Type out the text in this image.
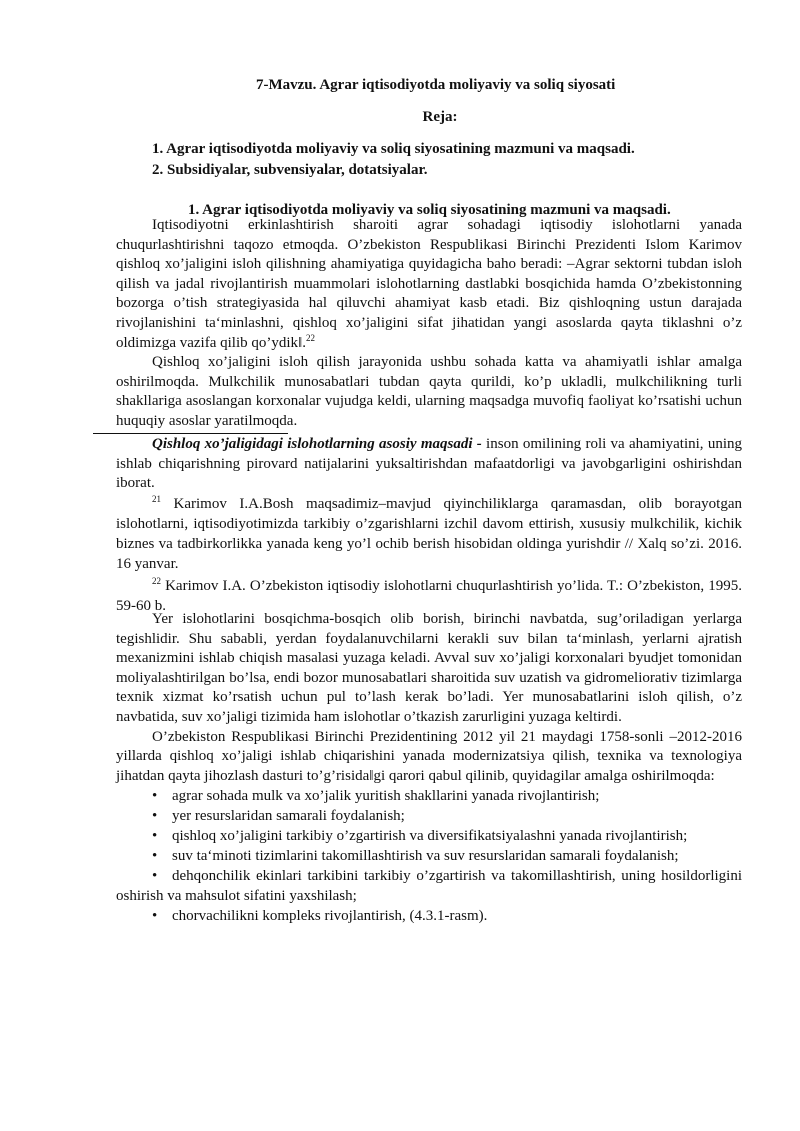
7-Mavzu. Agrar iqtisodiyotda moliyaviy va soliq siyosati
Reja:
1. Agrar iqtisodiyotda moliyaviy va soliq siyosatining mazmuni va maqsadi.
2. Subsidiyalar, subvensiyalar, dotatsiyalar.
1. Agrar iqtisodiyotda moliyaviy va soliq siyosatining mazmuni va maqsadi.

Iqtisodiyotni erkinlashtirish sharoiti agrar sohadagi iqtisodiy islohotlarni yanada chuqurlashtirishni taqozo etmoqda. O’zbekiston Respublikasi Birinchi Prezidenti Islom Karimov qishloq xo’jaligini isloh qilishning ahamiyatiga quyidagicha baho beradi: –Agrar sektorni tubdan isloh qilish va jadal rivojlantirish muammolari islohotlarning dastlabki bosqichida hamda O’zbekistonning bozorga o’tish strategiyasida hal qiluvchi ahamiyat kasb etadi. Biz qishloqning ustun darajada rivojlanishini ta‘minlashni, qishloq xo’jaligini sifat jihatidan yangi asoslarda qayta tiklashni o’z oldimizga vazifa qilib qo’ydik‖.$^{22}$

Qishloq xo’jaligini isloh qilish jarayonida ushbu sohada katta va ahamiyatli ishlar amalga oshirilmoqda. Mulkchilik munosabatlari tubdan qayta qurildi, ko’p ukladli, mulkchilikning turli shakllariga asoslangan korxonalar vujudga keldi, ularning maqsadga muvofiq faoliyat ko’rsatishi uchun huquqiy asoslar yaratilmoqda.

Qishloq xo’jaligidagi islohotlarning asosiy maqsadi - inson omilining roli va ahamiyatini, uning ishlab chiqarishning pirovard natijalarini yuksaltirishdan mafaatdorligi va javobgarligini oshirishdan iborat.

$^{21}$ Karimov I.A.Bosh maqsadimiz–mavjud qiyinchiliklarga qaramasdan, olib borayotgan islohotlarni, iqtisodiyotimizda tarkibiy o’zgarishlarni izchil davom ettirish, xususiy mulkchilik, kichik biznes va tadbirkorlikka yanada keng yo’l ochib berish hisobidan oldinga yurishdir // Xalq so’zi. 2016. 16 yanvar.

$^{22}$ Karimov I.A. O’zbekiston iqtisodiy islohotlarni chuqurlashtirish yo’lida. T.: O’zbekiston, 1995. 59-60 b.

Yer islohotlarini bosqichma-bosqich olib borish, birinchi navbatda, sug’oriladigan yerlarga tegishlidir. Shu sababli, yerdan foydalanuvchilarni kerakli suv bilan ta‘minlash, yerlarni ajratish mexanizmini ishlab chiqish masalasi yuzaga keladi. Avval suv xo’jaligi korxonalari byudjet tomonidan moliyalashtirilgan bo’lsa, endi bozor munosabatlari sharoitida suv uzatish va gidromeliorativ tizimlarga texnik xizmat ko’rsatish uchun pul to’lash kerak bo’ladi. Yer munosabatlarini isloh qilish, o’z navbatida, suv xo’jaligi tizimida ham islohotlar o’tkazish zarurligini yuzaga keltirdi.

O’zbekiston Respublikasi Birinchi Prezidentining 2012 yil 21 maydagi 1758-sonli –2012-2016 yillarda qishloq xo’jaligi ishlab chiqarishini yanada modernizatsiya qilish, texnika va texnologiya jihatdan qayta jihozlash dasturi to’g’risida‖gi qarori qabul qilinib, quyidagilar amalga oshirilmoqda:

• agrar sohada mulk va xo’jalik yuritish shakllarini yanada rivojlantirish;
• yer resurslaridan samarali foydalanish;
• qishloq xo’jaligini tarkibiy o’zgartirish va diversifikatsiyalashni yanada rivojlantirish;
• suv ta‘minoti tizimlarini takomillashtirish va suv resurslaridan samarali foydalanish;
• dehqonchilik ekinlari tarkibini tarkibiy o’zgartirish va takomillashtirish, uning hosildorligini oshirish va mahsulot sifatini yaxshilash;
• chorvachilikni kompleks rivojlantirish, (4.3.1-rasm).
